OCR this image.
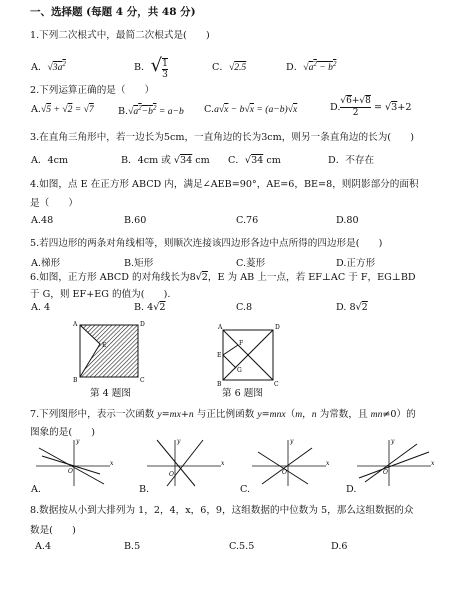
一、选择题 (每题 4 分，共 48 分)
1.下列二次根式中，最简二次根式是(　　)
A．$√3a^2$	B．√ $\frac{1}{3}$	C．√2.5	D．$√a^2 - b^2$
2.下列运算正确的是（　　）
A.√5 + √2 = √7	$B.√a^2-b^2 = a-b$ C.a√x − b√x = (a−b)√x	D. $\frac{√6+√8}{2} = √3+2$
3.在直角三角形中，若一边长为5cm，一直角边的长为3cm，则另一条直角边的长为(　　)
A．4cm	B．4cm 或 √34 cm C．√34 cm	D．不存在
4.如图，点 E 在正方形 ABCD 内，满足∠AEB=90°，AE=6，BE=8，则阴影部分的面积
是（　　）
A.48	B.60	C.76	D.80
5.若四边形的两条对角线相等，则顺次连接该四边形各边中点所得的四边形是(　　)
A.梯形	B.矩形	C.菱形	D.正方形
6.如图，正方形 ABCD 的对角线长为8√2，E 为 AB 上一点，若 EF⊥AC 于 F，EG⊥BD
于 G，则 EF+EG 的值为(　　).
A. 4	B. 4√2	C.8	D. 8√2
A	D
B	C
E
第 4 题图
A	D
B	C
E
F
G
第 6 题图
7.下列图形中，表示一次函数 y=mx+n 与正比例函数 y=mnx（m，n 为常数，且 mn≠0）的
图象的是(　　)
x
y
O
x
y
O
x
y
O
x
y
O
A.	B.	C.	D.
8.数据按从小到大排列为 1，2，4，x，6，9，这组数据的中位数为 5，那么这组数据的众
数是(　　)
A.4	B.5	C.5.5	D.6
